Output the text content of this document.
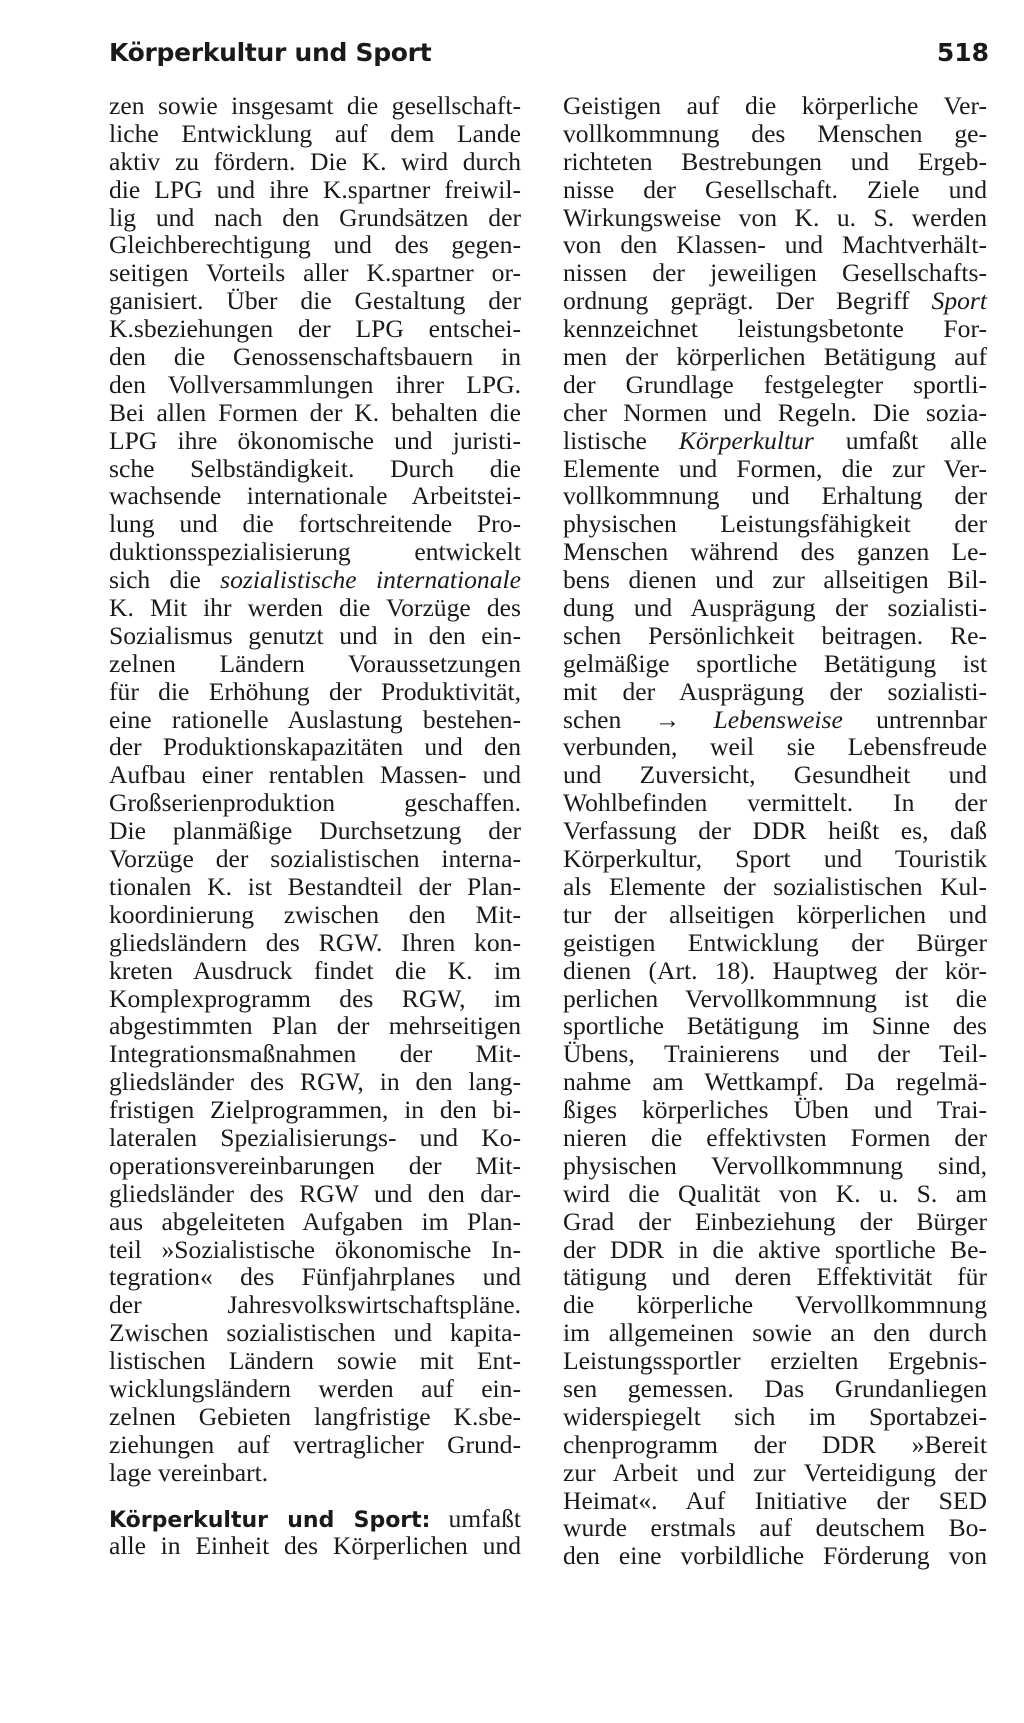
Körperkultur und Sport	518
zen sowie insgesamt die gesellschaft-
liche Entwicklung auf dem Lande
aktiv zu fördern. Die K. wird durch
die LPG und ihre K.spartner freiwil-
lig und nach den Grundsätzen der
Gleichberechtigung und des gegen-
seitigen Vorteils aller K.spartner or-
ganisiert. Über die Gestaltung der
K.sbeziehungen der LPG entschei-
den die Genossenschaftsbauern in
den Vollversammlungen ihrer LPG.
Bei allen Formen der K. behalten die
LPG ihre ökonomische und juristi-
sche Selbständigkeit. Durch die
wachsende internationale Arbeitstei-
lung und die fortschreitende Pro-
duktionsspezialisierung entwickelt
sich die sozialistische internationale
K. Mit ihr werden die Vorzüge des
Sozialismus genutzt und in den ein-
zelnen Ländern Voraussetzungen
für die Erhöhung der Produktivität,
eine rationelle Auslastung bestehen-
der Produktionskapazitäten und den
Aufbau einer rentablen Massen- und
Großserienproduktion geschaffen.
Die planmäßige Durchsetzung der
Vorzüge der sozialistischen interna-
tionalen K. ist Bestandteil der Plan-
koordinierung zwischen den Mit-
gliedsländern des RGW. Ihren kon-
kreten Ausdruck findet die K. im
Komplexprogramm des RGW, im
abgestimmten Plan der mehrseitigen
Integrationsmaßnahmen der Mit-
gliedsländer des RGW, in den lang-
fristigen Zielprogrammen, in den bi-
lateralen Spezialisierungs- und Ko-
operationsvereinbarungen der Mit-
gliedsländer des RGW und den dar-
aus abgeleiteten Aufgaben im Plan-
teil »Sozialistische ökonomische In-
tegration« des Fünfjahrplanes und
der Jahresvolkswirtschaftspläne.
Zwischen sozialistischen und kapita-
listischen Ländern sowie mit Ent-
wicklungsländern werden auf ein-
zelnen Gebieten langfristige K.sbe-
ziehungen auf vertraglicher Grund-
lage vereinbart.
Körperkultur und Sport: umfaßt
alle in Einheit des Körperlichen und
Geistigen auf die körperliche Ver-
vollkommnung des Menschen ge-
richteten Bestrebungen und Ergeb-
nisse der Gesellschaft. Ziele und
Wirkungsweise von K. u. S. werden
von den Klassen- und Machtverhält-
nissen der jeweiligen Gesellschafts-
ordnung geprägt. Der Begriff Sport
kennzeichnet leistungsbetonte For-
men der körperlichen Betätigung auf
der Grundlage festgelegter sportli-
cher Normen und Regeln. Die sozia-
listische Körperkultur umfaßt alle
Elemente und Formen, die zur Ver-
vollkommnung und Erhaltung der
physischen Leistungsfähigkeit der
Menschen während des ganzen Le-
bens dienen und zur allseitigen Bil-
dung und Ausprägung der sozialisti-
schen Persönlichkeit beitragen. Re-
gelmäßige sportliche Betätigung ist
mit der Ausprägung der sozialisti-
schen → Lebensweise untrennbar
verbunden, weil sie Lebensfreude
und Zuversicht, Gesundheit und
Wohlbefinden vermittelt. In der
Verfassung der DDR heißt es, daß
Körperkultur, Sport und Touristik
als Elemente der sozialistischen Kul-
tur der allseitigen körperlichen und
geistigen Entwicklung der Bürger
dienen (Art. 18). Hauptweg der kör-
perlichen Vervollkommnung ist die
sportliche Betätigung im Sinne des
Übens, Trainierens und der Teil-
nahme am Wettkampf. Da regelmä-
ßiges körperliches Üben und Trai-
nieren die effektivsten Formen der
physischen Vervollkommnung sind,
wird die Qualität von K. u. S. am
Grad der Einbeziehung der Bürger
der DDR in die aktive sportliche Be-
tätigung und deren Effektivität für
die körperliche Vervollkommnung
im allgemeinen sowie an den durch
Leistungssportler erzielten Ergebnis-
sen gemessen. Das Grundanliegen
widerspiegelt sich im Sportabzei-
chenprogramm der DDR »Bereit
zur Arbeit und zur Verteidigung der
Heimat«. Auf Initiative der SED
wurde erstmals auf deutschem Bo-
den eine vorbildliche Förderung von
